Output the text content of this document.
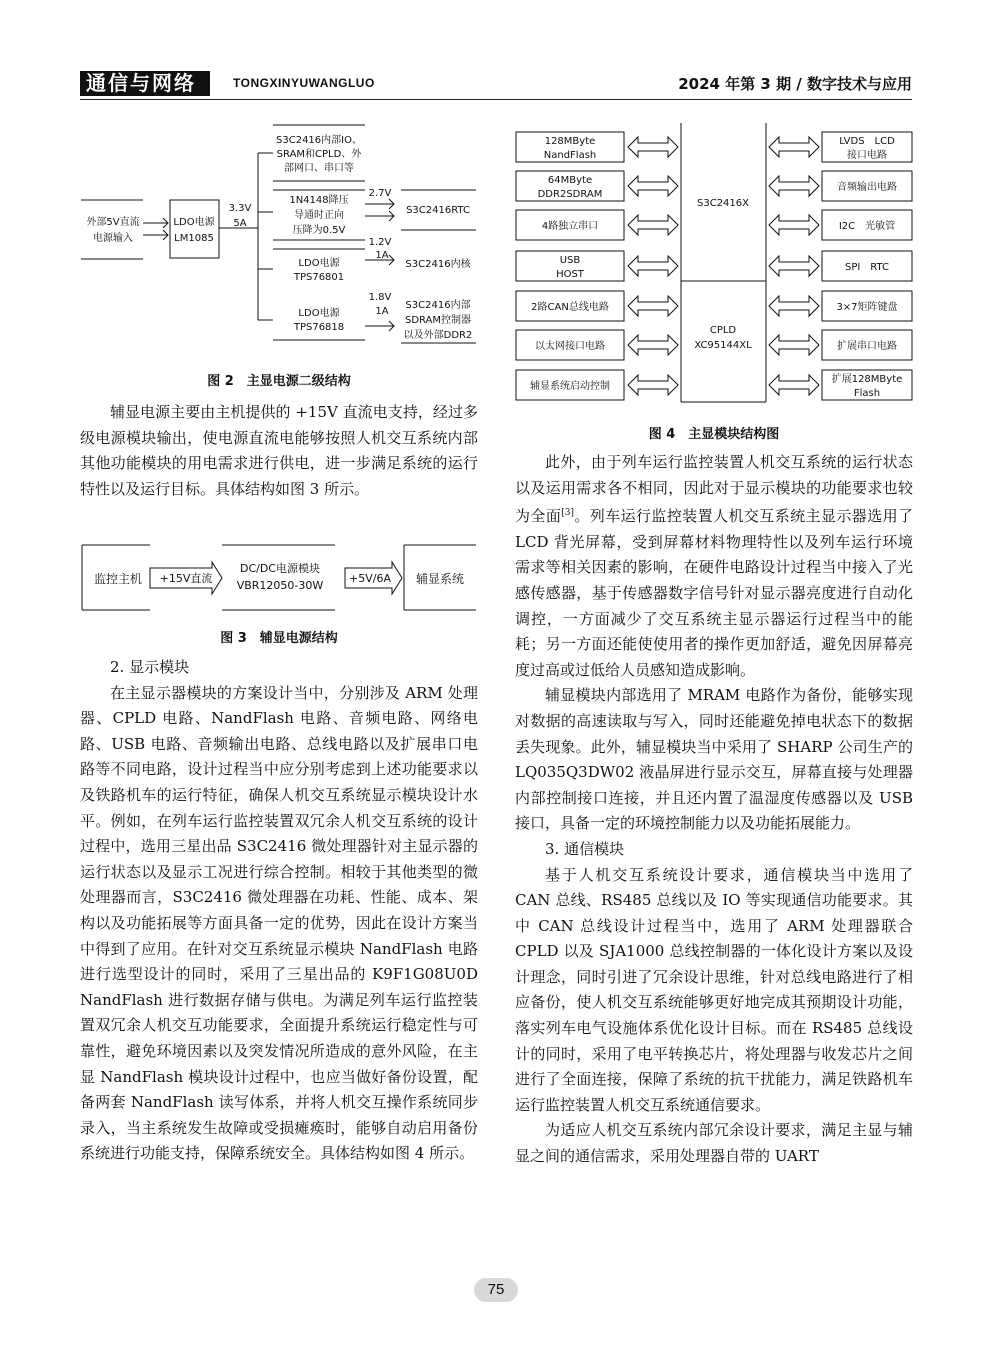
通信与网络	TONGXINYUWANGLUO	2024 年第 3 期 / 数字技术与应用
外部5V直流
电源输入
LDO电源
LM1085
3.3V
5A
S3C2416内部IO、
SRAM和CPLD、外
部网口、串口等
1N4148降压
导通时正向
压降为0.5V
LDO电源
TPS76801
LDO电源
TPS76818
2.7V
S3C2416RTC
1.2V
1A
S3C2416内核
1.8V
1A
S3C2416内部
SDRAM控制器
以及外部DDR2
图 2　主显电源二级结构

辅显电源主要由主机提供的 +15V 直流电支持，经过多级电源模块输出，使电源直流电能够按照人机交互系统内部其他功能模块的用电需求进行供电，进一步满足系统的运行特性以及运行目标。具体结构如图 3 所示。

监控主机 +15V直流
DC/DC电源模块
VBR12050-30W
+5V/6A 辅显系统
图 3　辅显电源结构

2. 显示模块

在主显示器模块的方案设计当中，分别涉及 ARM 处理器、CPLD 电路、NandFlash 电路、音频电路、网络电路、USB 电路、音频输出电路、总线电路以及扩展串口电路等不同电路，设计过程当中应分别考虑到上述功能要求以及铁路机车的运行特征，确保人机交互系统显示模块设计水平。例如，在列车运行监控装置双冗余人机交互系统的设计过程中，选用三星出品 S3C2416 微处理器针对主显示器的运行状态以及显示工况进行综合控制。相较于其他类型的微处理器而言，S3C2416 微处理器在功耗、性能、成本、架构以及功能拓展等方面具备一定的优势，因此在设计方案当中得到了应用。在针对交互系统显示模块 NandFlash 电路进行选型设计的同时，采用了三星出品的 K9F1G08U0D NandFlash 进行数据存储与供电。为满足列车运行监控装置双冗余人机交互功能要求，全面提升系统运行稳定性与可靠性，避免环境因素以及突发情况所造成的意外风险，在主显 NandFlash 模块设计过程中，也应当做好备份设置，配备两套 NandFlash 读写体系，并将人机交互操作系统同步录入，当主系统发生故障或受损瘫痪时，能够自动启用备份系统进行功能支持，保障系统安全。具体结构如图 4 所示。

S3C2416X
CPLD
XC95144XL
128MByte
NandFlash
64MByte
DDR2SDRAM
4路独立串口
USB
HOST
2路CAN总线电路
以太网接口电路
辅显系统启动控制
LVDS　LCD
接口电路
音频输出电路
I2C　光敏管
SPI　RTC
3×7矩阵键盘
扩展串口电路
扩展128MByte
Flash
图 4　主显模块结构图

此外，由于列车运行监控装置人机交互系统的运行状态以及运用需求各不相同，因此对于显示模块的功能要求也较为全面[3]。列车运行监控装置人机交互系统主显示器选用了 LCD 背光屏幕，受到屏幕材料物理特性以及列车运行环境需求等相关因素的影响，在硬件电路设计过程当中接入了光感传感器，基于传感器数字信号针对显示器亮度进行自动化调控，一方面减少了交互系统主显示器运行过程当中的能耗；另一方面还能使使用者的操作更加舒适，避免因屏幕亮度过高或过低给人员感知造成影响。

辅显模块内部选用了 MRAM 电路作为备份，能够实现对数据的高速读取与写入，同时还能避免掉电状态下的数据丢失现象。此外，辅显模块当中采用了 SHARP 公司生产的 LQ035Q3DW02 液晶屏进行显示交互，屏幕直接与处理器内部控制接口连接，并且还内置了温湿度传感器以及 USB 接口，具备一定的环境控制能力以及功能拓展能力。

3. 通信模块

基于人机交互系统设计要求，通信模块当中选用了 CAN 总线、RS485 总线以及 IO 等实现通信功能要求。其中 CAN 总线设计过程当中，选用了 ARM 处理器联合 CPLD 以及 SJA1000 总线控制器的一体化设计方案以及设计理念，同时引进了冗余设计思维，针对总线电路进行了相应备份，使人机交互系统能够更好地完成其预期设计功能，落实列车电气设施体系优化设计目标。而在 RS485 总线设计的同时，采用了电平转换芯片，将处理器与收发芯片之间进行了全面连接，保障了系统的抗干扰能力，满足铁路机车运行监控装置人机交互系统通信要求。

为适应人机交互系统内部冗余设计要求，满足主显与辅显之间的通信需求，采用处理器自带的 UART

75
